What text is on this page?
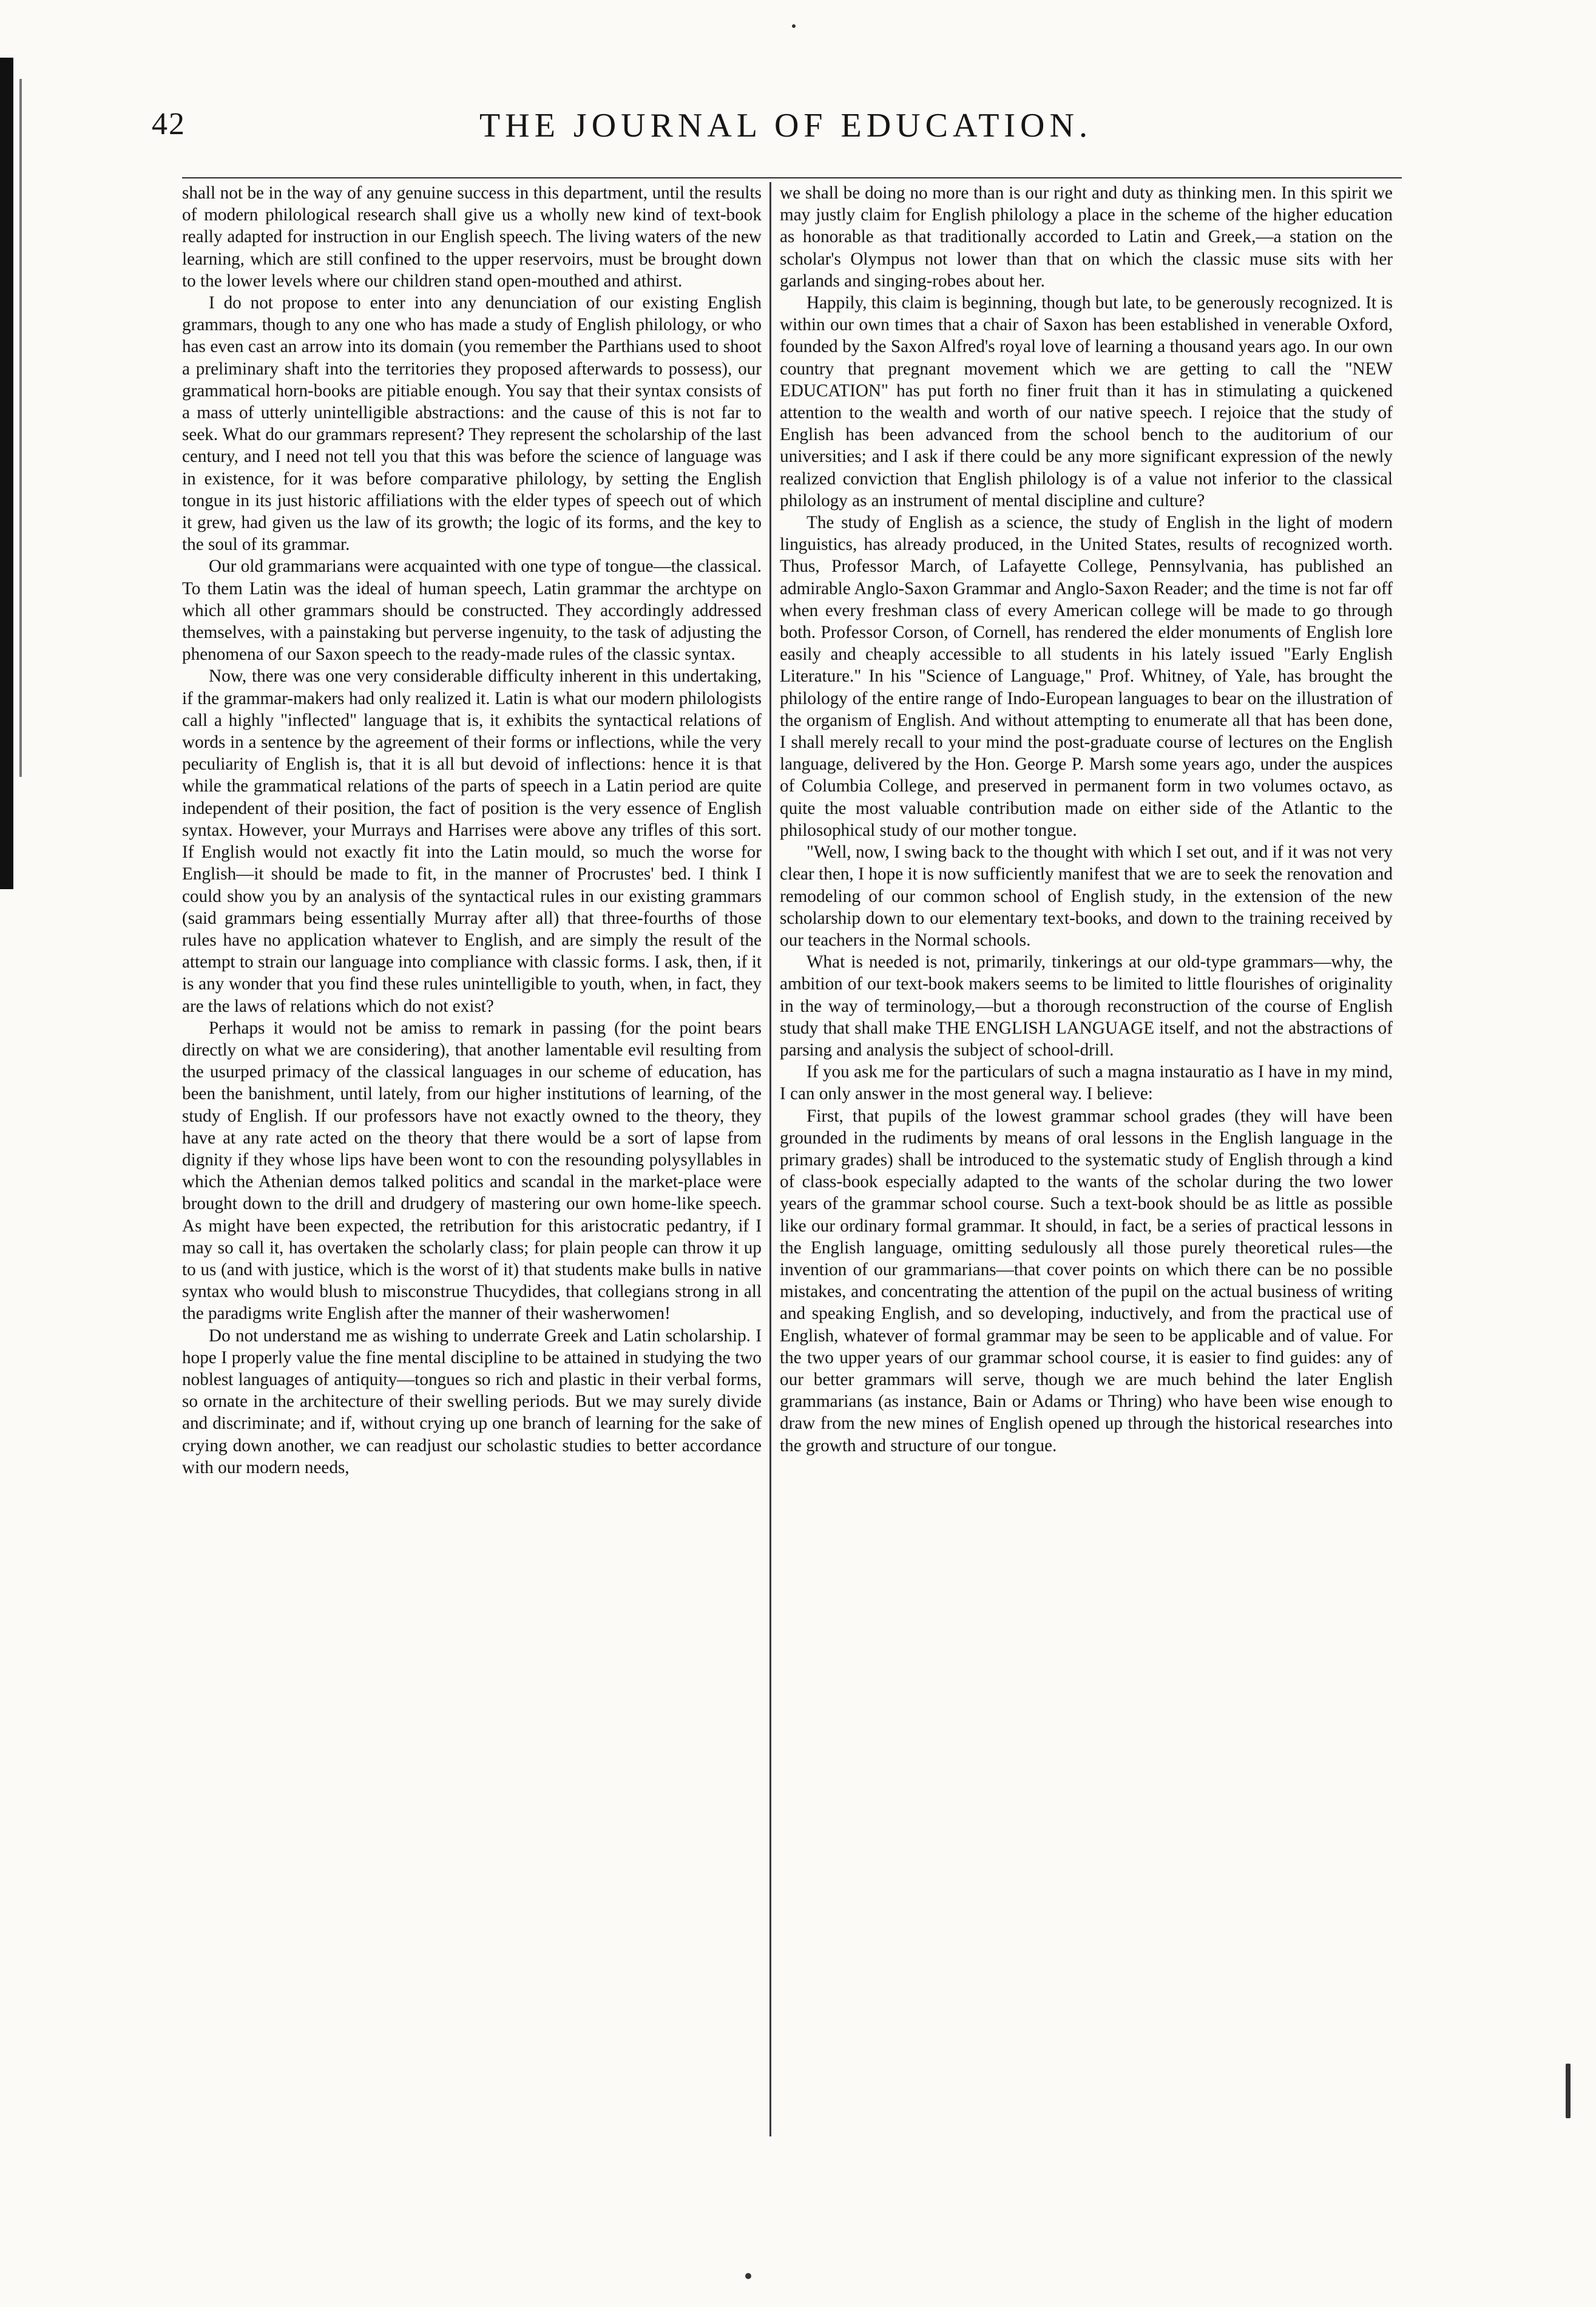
42	THE JOURNAL OF EDUCATION.

shall not be in the way of any genuine success in this department, until the results of modern philological research shall give us a wholly new kind of text-book really adapted for instruction in our English speech. The living waters of the new learning, which are still confined to the upper reservoirs, must be brought down to the lower levels where our children stand open-mouthed and athirst.

I do not propose to enter into any denunciation of our existing English grammars, though to any one who has made a study of English philology, or who has even cast an arrow into its domain (you remember the Parthians used to shoot a preliminary shaft into the territories they proposed afterwards to possess), our grammatical horn-books are pitiable enough. You say that their syntax consists of a mass of utterly unintelligible abstractions: and the cause of this is not far to seek. What do our grammars represent? They represent the scholarship of the last century, and I need not tell you that this was before the science of language was in existence, for it was before comparative philology, by setting the English tongue in its just historic affiliations with the elder types of speech out of which it grew, had given us the law of its growth; the logic of its forms, and the key to the soul of its grammar.

Our old grammarians were acquainted with one type of tongue—the classical. To them Latin was the ideal of human speech, Latin grammar the archtype on which all other grammars should be constructed. They accordingly addressed themselves, with a painstaking but perverse ingenuity, to the task of adjusting the phenomena of our Saxon speech to the ready-made rules of the classic syntax.

Now, there was one very considerable difficulty inherent in this undertaking, if the grammar-makers had only realized it. Latin is what our modern philologists call a highly "inflected" language that is, it exhibits the syntactical relations of words in a sentence by the agreement of their forms or inflections, while the very peculiarity of English is, that it is all but devoid of inflections: hence it is that while the grammatical relations of the parts of speech in a Latin period are quite independent of their position, the fact of position is the very essence of English syntax. However, your Murrays and Harrises were above any trifles of this sort. If English would not exactly fit into the Latin mould, so much the worse for English—it should be made to fit, in the manner of Procrustes' bed. I think I could show you by an analysis of the syntactical rules in our existing grammars (said grammars being essentially Murray after all) that three-fourths of those rules have no application whatever to English, and are simply the result of the attempt to strain our language into compliance with classic forms. I ask, then, if it is any wonder that you find these rules unintelligible to youth, when, in fact, they are the laws of relations which do not exist?

Perhaps it would not be amiss to remark in passing (for the point bears directly on what we are considering), that another lamentable evil resulting from the usurped primacy of the classical languages in our scheme of education, has been the banishment, until lately, from our higher institutions of learning, of the study of English. If our professors have not exactly owned to the theory, they have at any rate acted on the theory that there would be a sort of lapse from dignity if they whose lips have been wont to con the resounding polysyllables in which the Athenian demos talked politics and scandal in the market-place were brought down to the drill and drudgery of mastering our own home-like speech. As might have been expected, the retribution for this aristocratic pedantry, if I may so call it, has overtaken the scholarly class; for plain people can throw it up to us (and with justice, which is the worst of it) that students make bulls in native syntax who would blush to misconstrue Thucydides, that collegians strong in all the paradigms write English after the manner of their washerwomen!

Do not understand me as wishing to underrate Greek and Latin scholarship. I hope I properly value the fine mental discipline to be attained in studying the two noblest languages of antiquity—tongues so rich and plastic in their verbal forms, so ornate in the architecture of their swelling periods. But we may surely divide and discriminate; and if, without crying up one branch of learning for the sake of crying down another, we can readjust our scholastic studies to better accordance with our modern needs,

we shall be doing no more than is our right and duty as thinking men. In this spirit we may justly claim for English philology a place in the scheme of the higher education as honorable as that traditionally accorded to Latin and Greek,—a station on the scholar's Olympus not lower than that on which the classic muse sits with her garlands and singing-robes about her.

Happily, this claim is beginning, though but late, to be generously recognized. It is within our own times that a chair of Saxon has been established in venerable Oxford, founded by the Saxon Alfred's royal love of learning a thousand years ago. In our own country that pregnant movement which we are getting to call the "NEW EDUCATION" has put forth no finer fruit than it has in stimulating a quickened attention to the wealth and worth of our native speech. I rejoice that the study of English has been advanced from the school bench to the auditorium of our universities; and I ask if there could be any more significant expression of the newly realized conviction that English philology is of a value not inferior to the classical philology as an instrument of mental discipline and culture?

The study of English as a science, the study of English in the light of modern linguistics, has already produced, in the United States, results of recognized worth. Thus, Professor March, of Lafayette College, Pennsylvania, has published an admirable Anglo-Saxon Grammar and Anglo-Saxon Reader; and the time is not far off when every freshman class of every American college will be made to go through both. Professor Corson, of Cornell, has rendered the elder monuments of English lore easily and cheaply accessible to all students in his lately issued "Early English Literature." In his "Science of Language," Prof. Whitney, of Yale, has brought the philology of the entire range of Indo-European languages to bear on the illustration of the organism of English. And without attempting to enumerate all that has been done, I shall merely recall to your mind the post-graduate course of lectures on the English language, delivered by the Hon. George P. Marsh some years ago, under the auspices of Columbia College, and preserved in permanent form in two volumes octavo, as quite the most valuable contribution made on either side of the Atlantic to the philosophical study of our mother tongue.

"Well, now, I swing back to the thought with which I set out, and if it was not very clear then, I hope it is now sufficiently manifest that we are to seek the renovation and remodeling of our common school of English study, in the extension of the new scholarship down to our elementary text-books, and down to the training received by our teachers in the Normal schools.

What is needed is not, primarily, tinkerings at our old-type grammars—why, the ambition of our text-book makers seems to be limited to little flourishes of originality in the way of terminology,—but a thorough reconstruction of the course of English study that shall make THE ENGLISH LANGUAGE itself, and not the abstractions of parsing and analysis the subject of school-drill.

If you ask me for the particulars of such a magna instauratio as I have in my mind, I can only answer in the most general way. I believe:

First, that pupils of the lowest grammar school grades (they will have been grounded in the rudiments by means of oral lessons in the English language in the primary grades) shall be introduced to the systematic study of English through a kind of class-book especially adapted to the wants of the scholar during the two lower years of the grammar school course. Such a text-book should be as little as possible like our ordinary formal grammar. It should, in fact, be a series of practical lessons in the English language, omitting sedulously all those purely theoretical rules—the invention of our grammarians—that cover points on which there can be no possible mistakes, and concentrating the attention of the pupil on the actual business of writing and speaking English, and so developing, inductively, and from the practical use of English, whatever of formal grammar may be seen to be applicable and of value. For the two upper years of our grammar school course, it is easier to find guides: any of our better grammars will serve, though we are much behind the later English grammarians (as instance, Bain or Adams or Thring) who have been wise enough to draw from the new mines of English opened up through the historical researches into the growth and structure of our tongue.
